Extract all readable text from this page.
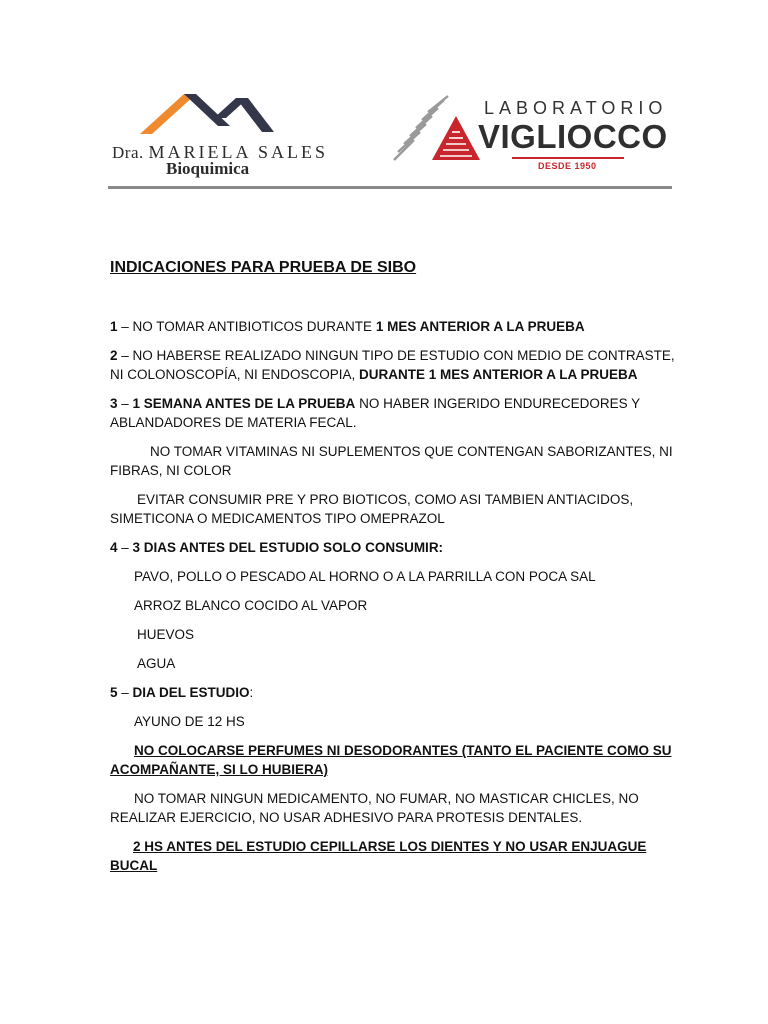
Dra. MARIELA SALES
Bioquimica
LABORATORIO
VIGLIOCCO
DESDE 1950
INDICACIONES PARA PRUEBA DE SIBO
1 – NO TOMAR ANTIBIOTICOS DURANTE 1 MES ANTERIOR A LA PRUEBA
2 – NO HABERSE REALIZADO NINGUN TIPO DE ESTUDIO CON MEDIO DE CONTRASTE, NI COLONOSCOPÍA, NI ENDOSCOPIA, DURANTE 1 MES ANTERIOR A LA PRUEBA
3 – 1 SEMANA ANTES DE LA PRUEBA NO HABER INGERIDO ENDURECEDORES Y ABLANDADORES DE MATERIA FECAL.
NO TOMAR VITAMINAS NI SUPLEMENTOS QUE CONTENGAN SABORIZANTES, NI FIBRAS, NI COLOR
EVITAR CONSUMIR PRE Y PRO BIOTICOS, COMO ASI TAMBIEN ANTIACIDOS, SIMETICONA O MEDICAMENTOS TIPO OMEPRAZOL
4 – 3 DIAS ANTES DEL ESTUDIO SOLO CONSUMIR:
PAVO, POLLO O PESCADO AL HORNO O A LA PARRILLA CON POCA SAL
ARROZ BLANCO COCIDO AL VAPOR
HUEVOS
AGUA
5 – DIA DEL ESTUDIO:
AYUNO DE 12 HS
NO COLOCARSE PERFUMES NI DESODORANTES (TANTO EL PACIENTE COMO SU ACOMPAÑANTE, SI LO HUBIERA)
NO TOMAR NINGUN MEDICAMENTO, NO FUMAR, NO MASTICAR CHICLES, NO REALIZAR EJERCICIO, NO USAR ADHESIVO PARA PROTESIS DENTALES.
2 HS ANTES DEL ESTUDIO CEPILLARSE LOS DIENTES Y NO USAR ENJUAGUE BUCAL
